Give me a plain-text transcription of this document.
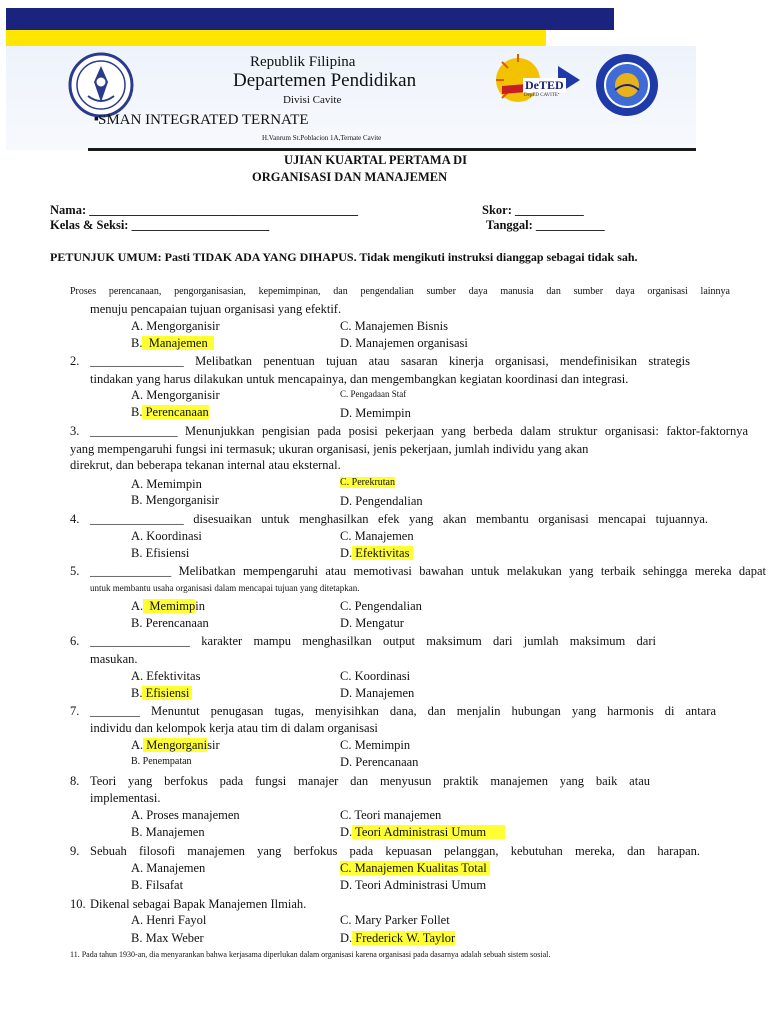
Republik Filipina
Departemen Pendidikan
Divisi Cavite
▪ SMAN INTEGRATED TERNATE
H.Vanrum St.Poblacion 1A,Ternate Cavite
DeTED
DepED CAVITE
UJIAN KUARTAL PERTAMA DI
ORGANISASI DAN MANAJEMEN
Nama: ___________________________________________
Kelas & Seksi: ______________________
Skor: ___________
Tanggal: ___________
PETUNJUK UMUM: Pasti TIDAK ADA YANG DIHAPUS. Tidak mengikuti instruksi dianggap sebagai tidak sah.
Proses perencanaan, pengorganisasian, kepemimpinan, dan pengendalian sumber daya manusia dan sumber daya organisasi lainnya
menuju pencapaian tujuan organisasi yang efektif.
A. Mengorganisir
B.  Manajemen
C. Manajemen Bisnis
D. Manajemen organisasi
2. _______________ Melibatkan penentuan tujuan atau sasaran kinerja organisasi, mendefinisikan strategis
tindakan yang harus dilakukan untuk mencapainya, dan mengembangkan kegiatan koordinasi dan integrasi.
A. Mengorganisir
B. Perencanaan
C. Pengadaan Staf
D. Memimpin
3. ______________ Menunjukkan pengisian pada posisi pekerjaan yang berbeda dalam struktur organisasi: faktor-faktornya
yang mempengaruhi fungsi ini termasuk; ukuran organisasi, jenis pekerjaan, jumlah individu yang akan
direkrut, dan beberapa tekanan internal atau eksternal.
A. Memimpin
B. Mengorganisir
C. Perekrutan
D. Pengendalian
4. _______________ disesuaikan untuk menghasilkan efek yang akan membantu organisasi mencapai tujuannya.
A. Koordinasi
B. Efisiensi
C. Manajemen
D. Efektivitas
5. _____________ Melibatkan mempengaruhi atau memotivasi bawahan untuk melakukan yang terbaik sehingga mereka dapat
untuk membantu usaha organisasi dalam mencapai tujuan yang ditetapkan.
A.  Memimpin
B. Perencanaan
C. Pengendalian
D. Mengatur
6. ________________ karakter mampu menghasilkan output maksimum dari jumlah maksimum dari
masukan.
A. Efektivitas
B. Efisiensi
C. Koordinasi
D. Manajemen
7. ________ Menuntut penugasan tugas, menyisihkan dana, dan menjalin hubungan yang harmonis di antara
individu dan kelompok kerja atau tim di dalam organisasi
A. Mengorganisir
B. Penempatan
C. Memimpin
D. Perencanaan
8. Teori yang berfokus pada fungsi manajer dan menyusun praktik manajemen yang baik atau
implementasi.
A. Proses manajemen
B. Manajemen
C. Teori manajemen
D. Teori Administrasi Umum
9. Sebuah filosofi manajemen yang berfokus pada kepuasan pelanggan, kebutuhan mereka, dan harapan.
A. Manajemen
B. Filsafat
C. Manajemen Kualitas Total
D. Teori Administrasi Umum
10. Dikenal sebagai Bapak Manajemen Ilmiah.
A. Henri Fayol
B. Max Weber
C. Mary Parker Follet
D. Frederick W. Taylor
11. Pada tahun 1930-an, dia menyarankan bahwa kerjasama diperlukan dalam organisasi karena organisasi pada dasarnya adalah sebuah sistem sosial.
